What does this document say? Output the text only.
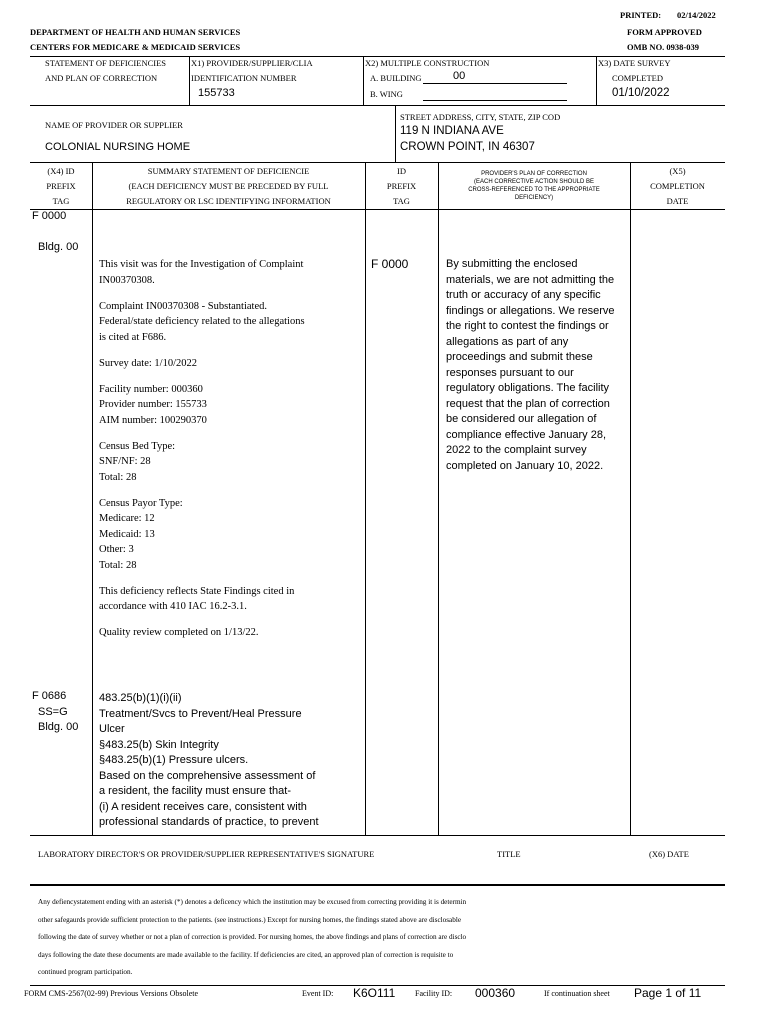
PRINTED: 02/14/2022
DEPARTMENT OF HEALTH AND HUMAN SERVICES	FORM APPROVED
CENTERS FOR MEDICARE & MEDICAID SERVICES	OMB NO. 0938-039
STATEMENT OF DEFICIENCIES
AND PLAN OF CORRECTION
X1) PROVIDER/SUPPLIER/CLIA
IDENTIFICATION NUMBER
155733
X2) MULTIPLE CONSTRUCTION
A. BUILDING	00
B. WING
X3) DATE SURVEY
COMPLETED
01/10/2022
NAME OF PROVIDER OR SUPPLIER
COLONIAL NURSING HOME
STREET ADDRESS, CITY, STATE, ZIP COD
119 N INDIANA AVE
CROWN POINT, IN 46307
(X4) ID
PREFIX
TAG
SUMMARY STATEMENT OF DEFICIENCIE
(EACH DEFICIENCY MUST BE PRECEDED BY FULL
REGULATORY OR LSC IDENTIFYING INFORMATION
ID
PREFIX
TAG
PROVIDER'S PLAN OF CORRECTION
(EACH CORRECTIVE ACTION SHOULD BE
CROSS-REFERENCED TO THE APPROPRIATE
DEFICIENCY)
(X5)
COMPLETION
DATE
F 0000
Bldg. 00
This visit was for the Investigation of Complaint
IN00370308.
Complaint IN00370308 - Substantiated.
Federal/state deficiency related to the allegations
is cited at F686.
Survey date: 1/10/2022
Facility number: 000360
Provider number: 155733
AIM number: 100290370
Census Bed Type:
SNF/NF: 28
Total: 28
Census Payor Type:
Medicare: 12
Medicaid: 13
Other: 3
Total: 28
This deficiency reflects State Findings cited in
accordance with 410 IAC 16.2-3.1.
Quality review completed on 1/13/22.
F 0000	By submitting the enclosed
materials, we are not admitting the
truth or accuracy of any specific
findings or allegations. We reserve
the right to contest the findings or
allegations as part of any
proceedings and submit these
responses pursuant to our
regulatory obligations. The facility
request that the plan of correction
be considered our allegation of
compliance effective January 28,
2022 to the complaint survey
completed on January 10, 2022.
F 0686
SS=G
Bldg. 00
483.25(b)(1)(i)(ii)
Treatment/Svcs to Prevent/Heal Pressure
Ulcer
§483.25(b) Skin Integrity
§483.25(b)(1) Pressure ulcers.
Based on the comprehensive assessment of
a resident, the facility must ensure that-
(i) A resident receives care, consistent with
professional standards of practice, to prevent
LABORATORY DIRECTOR'S OR PROVIDER/SUPPLIER REPRESENTATIVE'S SIGNATURE	TITLE	(X6) DATE
Any defiencystatement ending with an asterisk (*) denotes a deficency which the institution may be excused from correcting providing it is determin
other safegaurds provide sufficient protection to the patients. (see instructions.) Except for nursing homes, the findings stated above are disclosable
following the date of survey whether or not a plan of correction is provided. For nursing homes, the above findings and plans of correction are disclo
days following the date these documents are made available to the facility. If deficiencies are cited, an approved plan of correction is requisite to
continued program participation.
FORM CMS-2567(02-99) Previous Versions Obsolete	Event ID: K6O111 Facility ID: 000360	If continuation sheet Page 1 of 11
